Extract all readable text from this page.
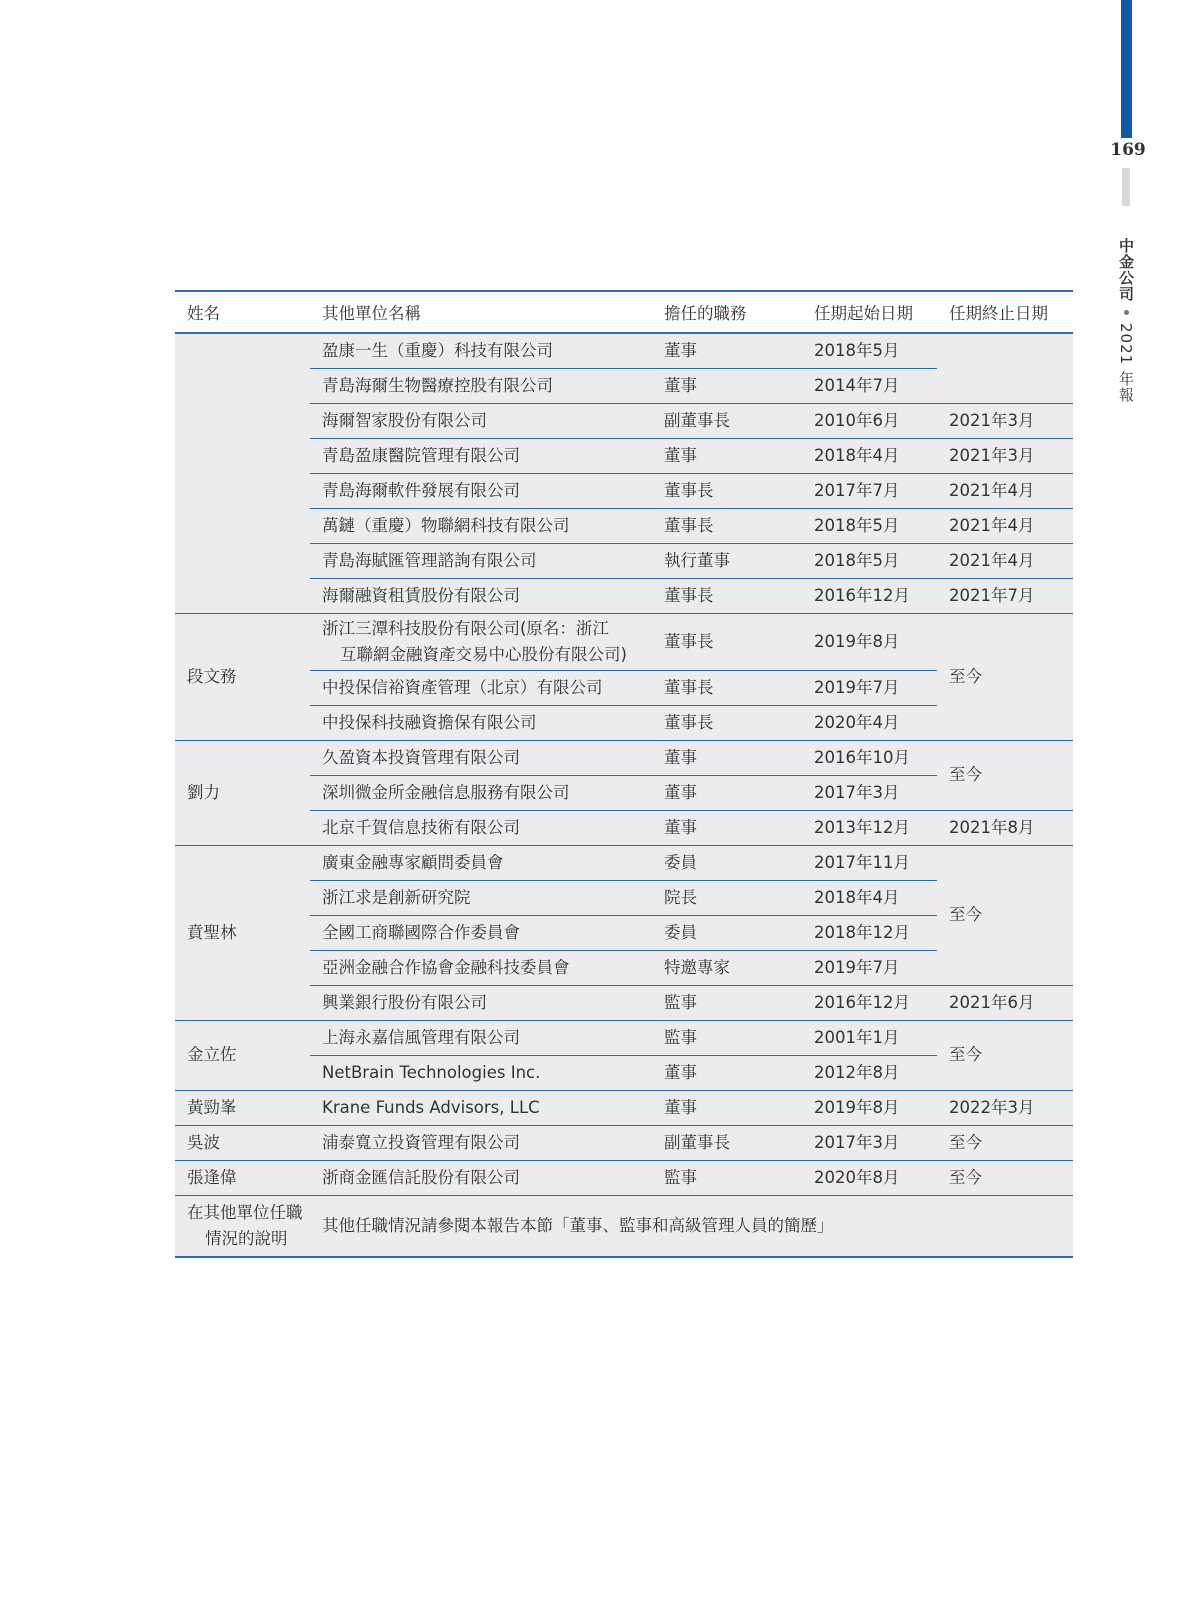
169
中金公司2021 年報
姓名	其他單位名稱	擔任的職務	任期起始日期	任期終止日期
	盈康一生（重慶）科技有限公司	董事	2018年5月	
	青島海爾生物醫療控股有限公司	董事	2014年7月	
	海爾智家股份有限公司	副董事長	2010年6月	2021年3月
	青島盈康醫院管理有限公司	董事	2018年4月	2021年3月
	青島海爾軟件發展有限公司	董事長	2017年7月	2021年4月
	萬鏈（重慶）物聯網科技有限公司	董事長	2018年5月	2021年4月
	青島海賦匯管理諮詢有限公司	執行董事	2018年5月	2021年4月
	海爾融資租賃股份有限公司	董事長	2016年12月	2021年7月
段文務	浙江三潭科技股份有限公司(原名：浙江
互聯網金融資產交易中心股份有限公司)	董事長	2019年8月	至今
	中投保信裕資產管理（北京）有限公司	董事長	2019年7月	
	中投保科技融資擔保有限公司	董事長	2020年4月	
劉力	久盈資本投資管理有限公司	董事	2016年10月	至今
	深圳微金所金融信息服務有限公司	董事	2017年3月	
	北京千賀信息技術有限公司	董事	2013年12月	2021年8月
賁聖林	廣東金融專家顧問委員會	委員	2017年11月	至今
	浙江求是創新研究院	院長	2018年4月	
	全國工商聯國際合作委員會	委員	2018年12月	
	亞洲金融合作協會金融科技委員會	特邀專家	2019年7月	
	興業銀行股份有限公司	監事	2016年12月	2021年6月
金立佐	上海永嘉信風管理有限公司	監事	2001年1月	至今
	NetBrain Technologies Inc.	董事	2012年8月	
黃勁峯	Krane Funds Advisors, LLC	董事	2019年8月	2022年3月
吳波	浦泰寬立投資管理有限公司	副董事長	2017年3月	至今
張逢偉	浙商金匯信託股份有限公司	監事	2020年8月	至今
在其他單位任職
情況的說明	其他任職情況請參閱本報告本節「董事、監事和高級管理人員的簡歷」			
